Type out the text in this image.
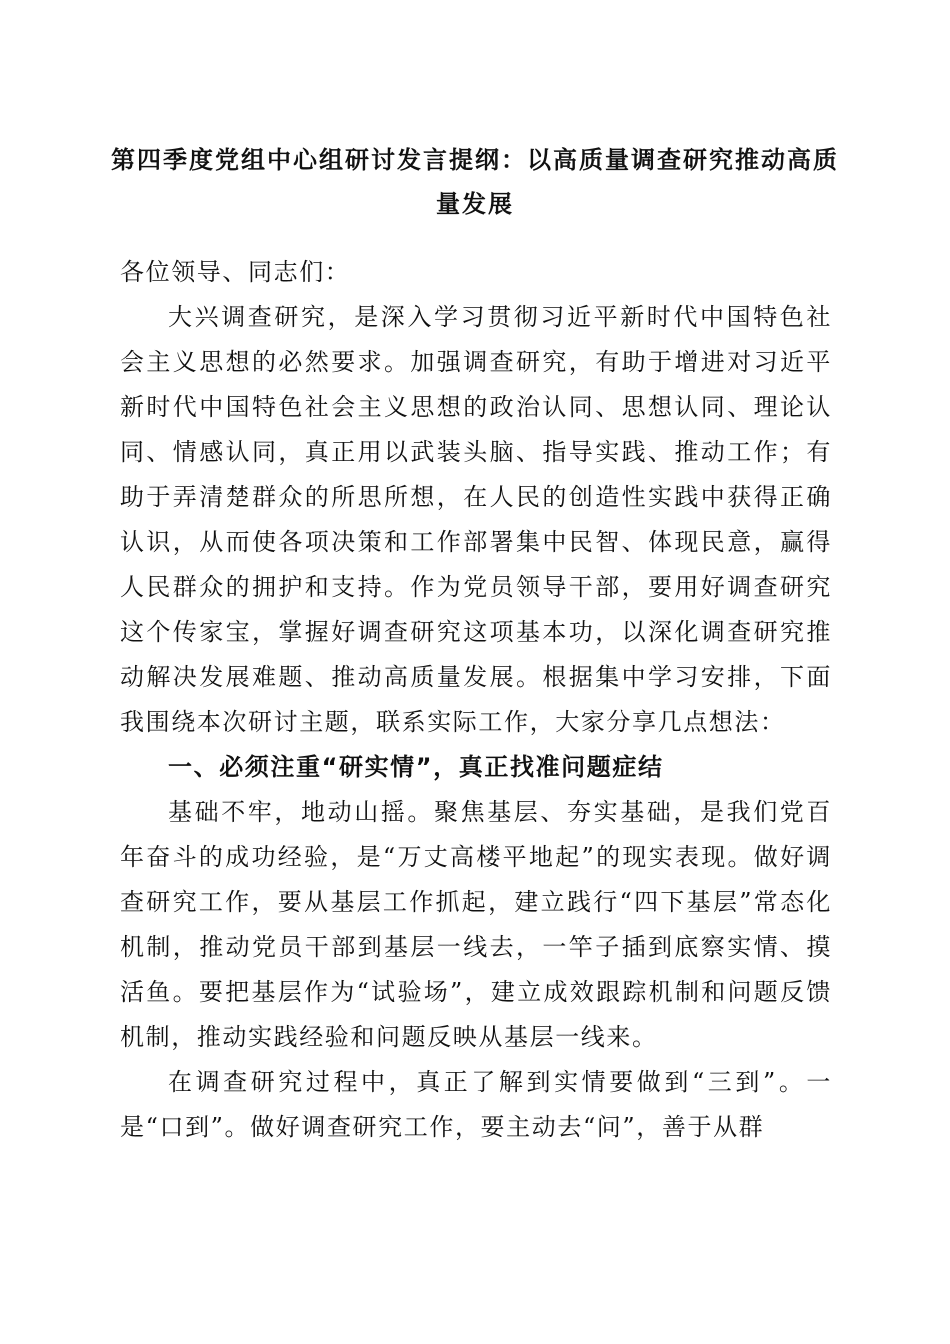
第四季度党组中心组研讨发言提纲：以高质量调查研究推动高质量发展

各位领导、同志们：

大兴调查研究，是深入学习贯彻习近平新时代中国特色社会主义思想的必然要求。加强调查研究，有助于增进对习近平新时代中国特色社会主义思想的政治认同、思想认同、理论认同、情感认同，真正用以武装头脑、指导实践、推动工作；有助于弄清楚群众的所思所想，在人民的创造性实践中获得正确认识，从而使各项决策和工作部署集中民智、体现民意，赢得人民群众的拥护和支持。作为党员领导干部，要用好调查研究这个传家宝，掌握好调查研究这项基本功，以深化调查研究推动解决发展难题、推动高质量发展。根据集中学习安排，下面我围绕本次研讨主题，联系实际工作，大家分享几点想法：

一、必须注重“研实情”，真正找准问题症结

基础不牢，地动山摇。聚焦基层、夯实基础，是我们党百年奋斗的成功经验，是“万丈高楼平地起”的现实表现。做好调查研究工作，要从基层工作抓起，建立践行“四下基层”常态化机制，推动党员干部到基层一线去，一竿子插到底察实情、摸活鱼。要把基层作为“试验场”，建立成效跟踪机制和问题反馈机制，推动实践经验和问题反映从基层一线来。

在调查研究过程中，真正了解到实情要做到“三到”。一是“口到”。做好调查研究工作，要主动去“问”，善于从群
